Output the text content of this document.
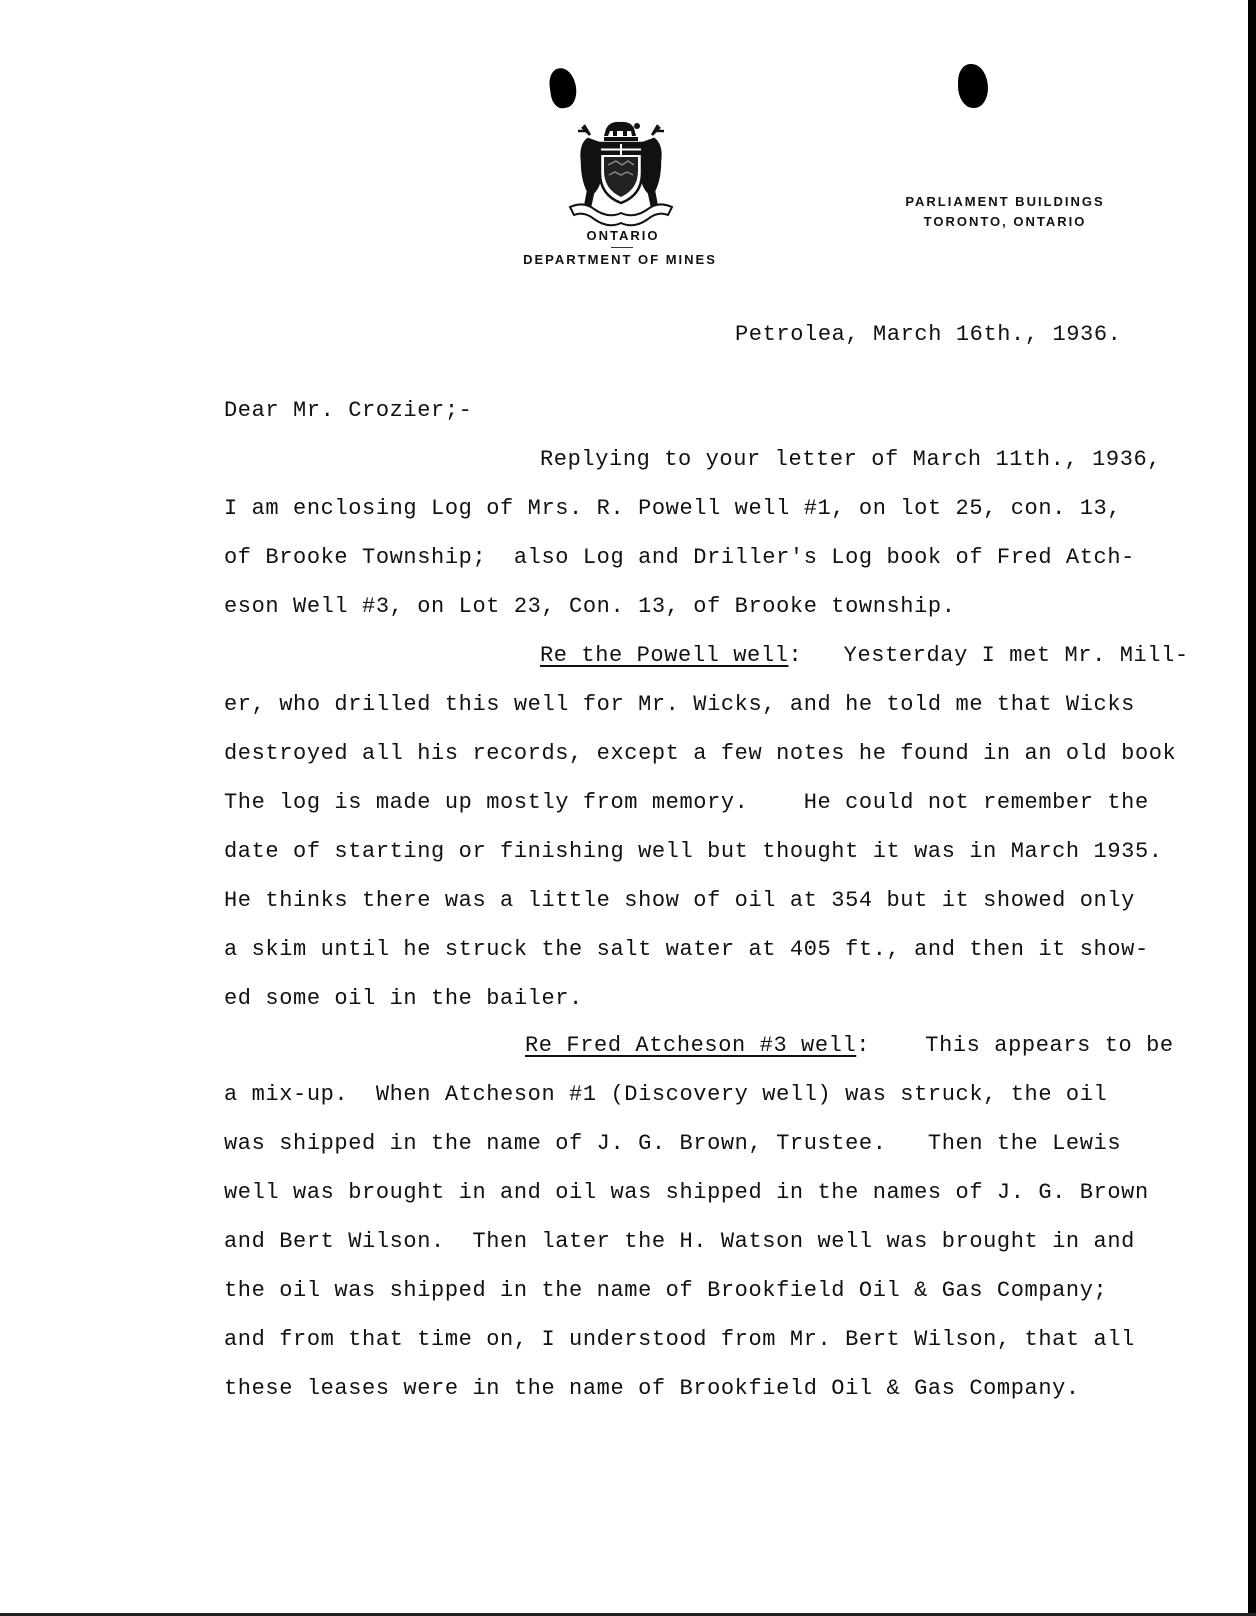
ONTARIO
DEPARTMENT OF MINES
PARLIAMENT BUILDINGS
TORONTO, ONTARIO
Petrolea, March 16th., 1936.
Dear Mr. Crozier;-
Replying to your letter of March 11th., 1936,
I am enclosing Log of Mrs. R. Powell well #1, on lot 25, con. 13,
of Brooke Township;  also Log and Driller's Log book of Fred Atch-
eson Well #3, on Lot 23, Con. 13, of Brooke township.
Re the Powell well:   Yesterday I met Mr. Mill-
er, who drilled this well for Mr. Wicks, and he told me that Wicks
destroyed all his records, except a few notes he found in an old book
The log is made up mostly from memory.    He could not remember the
date of starting or finishing well but thought it was in March 1935.
He thinks there was a little show of oil at 354 but it showed only
a skim until he struck the salt water at 405 ft., and then it show-
ed some oil in the bailer.
Re Fred Atcheson #3 well:    This appears to be
a mix-up.  When Atcheson #1 (Discovery well) was struck, the oil
was shipped in the name of J. G. Brown, Trustee.   Then the Lewis
well was brought in and oil was shipped in the names of J. G. Brown
and Bert Wilson.  Then later the H. Watson well was brought in and
the oil was shipped in the name of Brookfield Oil & Gas Company;
and from that time on, I understood from Mr. Bert Wilson, that all
these leases were in the name of Brookfield Oil & Gas Company.
